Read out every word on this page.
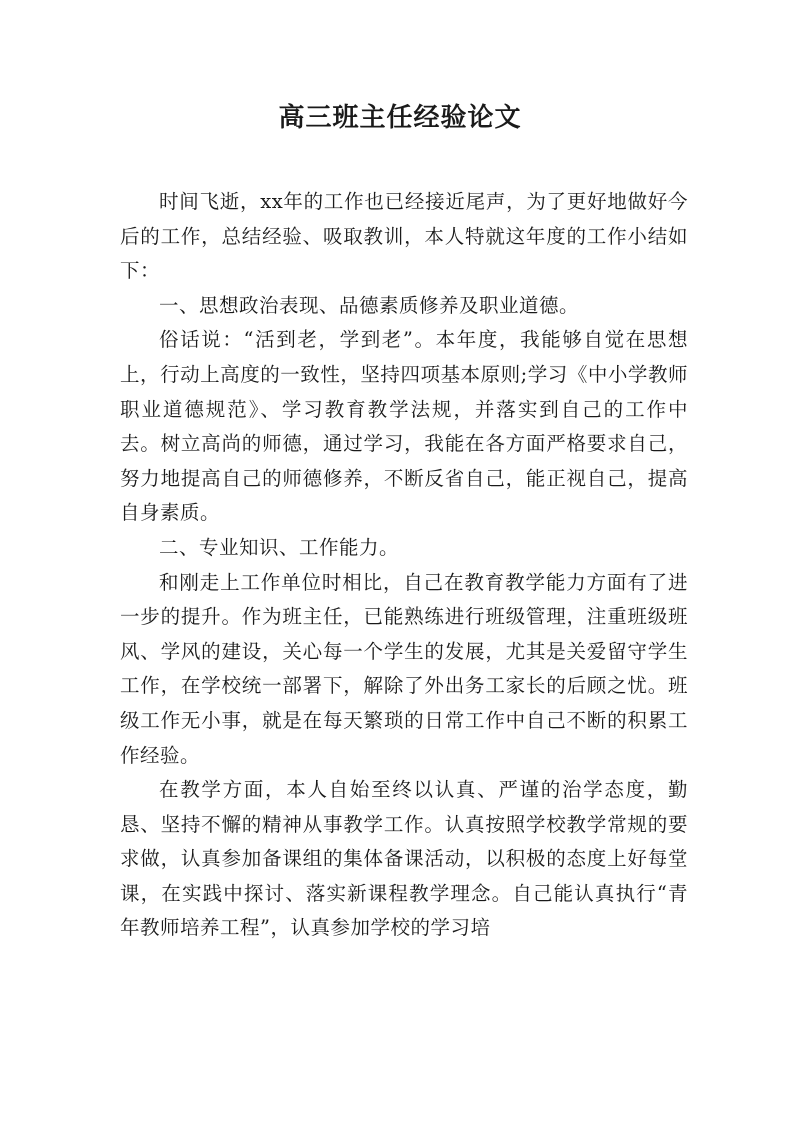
高三班主任经验论文

时间飞逝，xx年的工作也已经接近尾声，为了更好地做好今后的工作，总结经验、吸取教训，本人特就这年度的工作小结如下：

一、思想政治表现、品德素质修养及职业道德。

俗话说：“活到老，学到老”。本年度，我能够自觉在思想上，行动上高度的一致性，坚持四项基本原则;学习《中小学教师职业道德规范》、学习教育教学法规，并落实到自己的工作中去。树立高尚的师德，通过学习，我能在各方面严格要求自己，努力地提高自己的师德修养，不断反省自己，能正视自己，提高自身素质。

二、专业知识、工作能力。

和刚走上工作单位时相比，自己在教育教学能力方面有了进一步的提升。作为班主任，已能熟练进行班级管理，注重班级班风、学风的建设，关心每一个学生的发展，尤其是关爱留守学生工作，在学校统一部署下，解除了外出务工家长的后顾之忧。班级工作无小事，就是在每天繁琐的日常工作中自己不断的积累工作经验。

在教学方面，本人自始至终以认真、严谨的治学态度，勤恳、坚持不懈的精神从事教学工作。认真按照学校教学常规的要求做，认真参加备课组的集体备课活动，以积极的态度上好每堂课，在实践中探讨、落实新课程教学理念。自己能认真执行“青年教师培养工程”，认真参加学校的学习培
